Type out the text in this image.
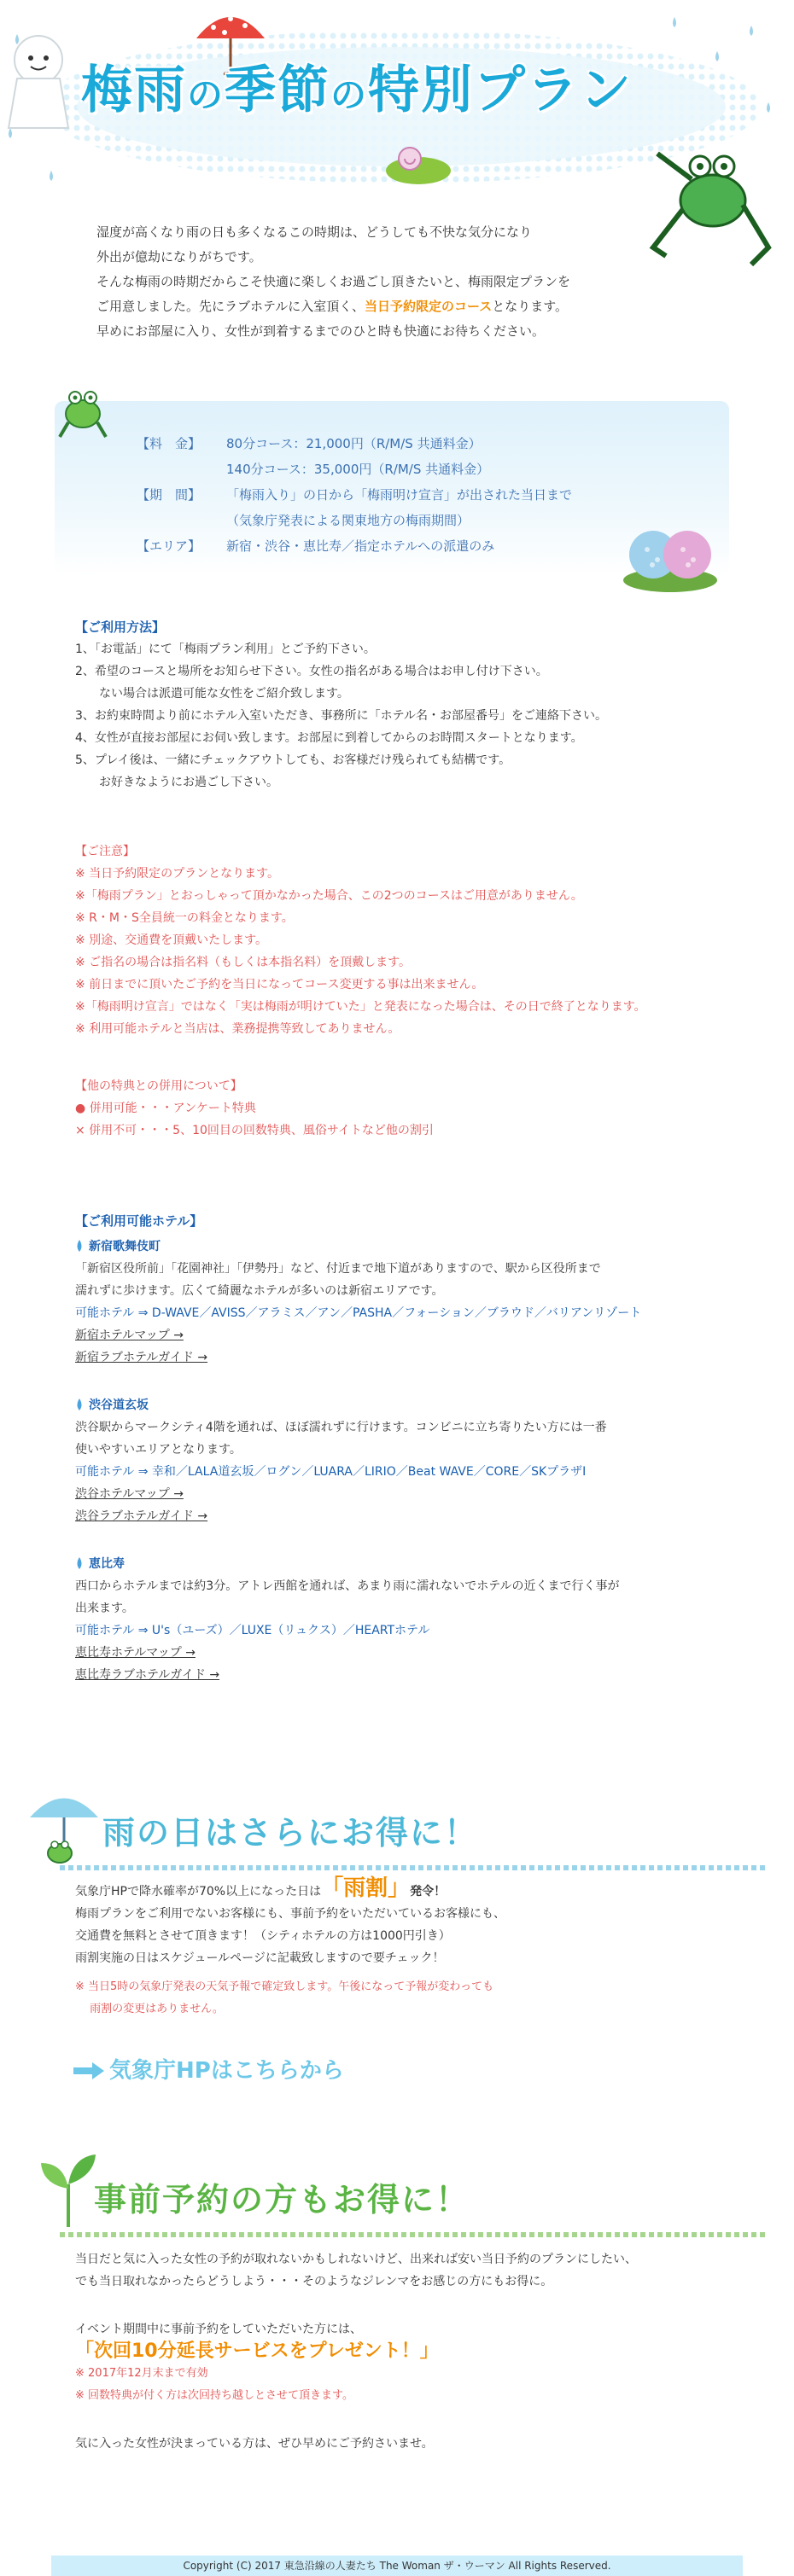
梅雨の季節の特別プラン

湿度が高くなり雨の日も多くなるこの時期は、どうしても不快な気分になり

外出が億劫になりがちです。

そんな梅雨の時期だからこそ快適に楽しくお過ごし頂きたいと、梅雨限定プランを

ご用意しました。先にラブホテルに入室頂く、当日予約限定のコースとなります。

早めにお部屋に入り、女性が到着するまでのひと時も快適にお待ちください。

【料　金】	80分コース：21,000円（R/M/S 共通料金）
140分コース：35,000円（R/M/S 共通料金）
【期　間】	「梅雨入り」の日から「梅雨明け宣言」が出された当日まで
（気象庁発表による関東地方の梅雨期間）
【エリア】	新宿・渋谷・恵比寿／指定ホテルへの派遣のみ
【ご利用方法】
1、「お電話」にて「梅雨プラン利用」とご予約下さい。
2、希望のコースと場所をお知らせ下さい。女性の指名がある場合はお申し付け下さい。
　　ない場合は派遣可能な女性をご紹介致します。
3、お約束時間より前にホテル入室いただき、事務所に「ホテル名・お部屋番号」をご連絡下さい。
4、女性が直接お部屋にお伺い致します。お部屋に到着してからのお時間スタートとなります。
5、プレイ後は、一緒にチェックアウトしても、お客様だけ残られても結構です。
　　お好きなようにお過ごし下さい。
【ご注意】
※ 当日予約限定のプランとなります。
※「梅雨プラン」とおっしゃって頂かなかった場合、この2つのコースはご用意がありません。
※ R・M・S全員統一の料金となります。
※ 別途、交通費を頂戴いたします。
※ ご指名の場合は指名料（もしくは本指名料）を頂戴します。
※ 前日までに頂いたご予約を当日になってコース変更する事は出来ません。
※「梅雨明け宣言」ではなく「実は梅雨が明けていた」と発表になった場合は、その日で終了となります。
※ 利用可能ホテルと当店は、業務提携等致してありません。
【他の特典との併用について】
● 併用可能・・・アンケート特典
× 併用不可・・・5、10回目の回数特典、風俗サイトなど他の割引
【ご利用可能ホテル】
新宿歌舞伎町
「新宿区役所前」「花園神社」「伊勢丹」など、付近まで地下道がありますので、駅から区役所まで
濡れずに歩けます。広くて綺麗なホテルが多いのは新宿エリアです。
可能ホテル ⇒ D-WAVE／AVISS／アラミス／アン／PASHA／フォーション／ブラウド／バリアンリゾート
新宿ホテルマップ →
新宿ラブホテルガイド →
渋谷道玄坂
渋谷駅からマークシティ4階を通れば、ほぼ濡れずに行けます。コンビニに立ち寄りたい方には一番
使いやすいエリアとなります。
可能ホテル ⇒ 幸和／LALA道玄坂／ログン／LUARA／LIRIO／Beat WAVE／CORE／SKプラザⅠ
渋谷ホテルマップ →
渋谷ラブホテルガイド →
恵比寿
西口からホテルまでは約3分。アトレ西館を通れば、あまり雨に濡れないでホテルの近くまで行く事が
出来ます。
可能ホテル ⇒ U's（ユーズ）／LUXE（リュクス）／HEARTホテル
恵比寿ホテルマップ →
恵比寿ラブホテルガイド →
雨の日はさらにお得に！
気象庁HPで降水確率が70%以上になった日は「雨割」発令！
梅雨プランをご利用でないお客様にも、事前予約をいただいているお客様にも、
交通費を無料とさせて頂きます！（シティホテルの方は1000円引き）
雨割実施の日はスケジュールページに記載致しますので要チェック！
※ 当日5時の気象庁発表の天気予報で確定致します。午後になって予報が変わっても
　 雨割の変更はありません。
気象庁HPはこちらから
事前予約の方もお得に！
当日だと気に入った女性の予約が取れないかもしれないけど、出来れば安い当日予約のプランにしたい、
でも当日取れなかったらどうしよう・・・そのようなジレンマをお感じの方にもお得に。
イベント期間中に事前予約をしていただいた方には、
「次回10分延長サービスをプレゼント！」
※ 2017年12月末まで有効
※ 回数特典が付く方は次回持ち越しとさせて頂きます。
気に入った女性が決まっている方は、ぜひ早めにご予約さいませ。
Copyright (C) 2017 東急沿線の人妻たち The Woman ザ・ウーマン All Rights Reserved.
